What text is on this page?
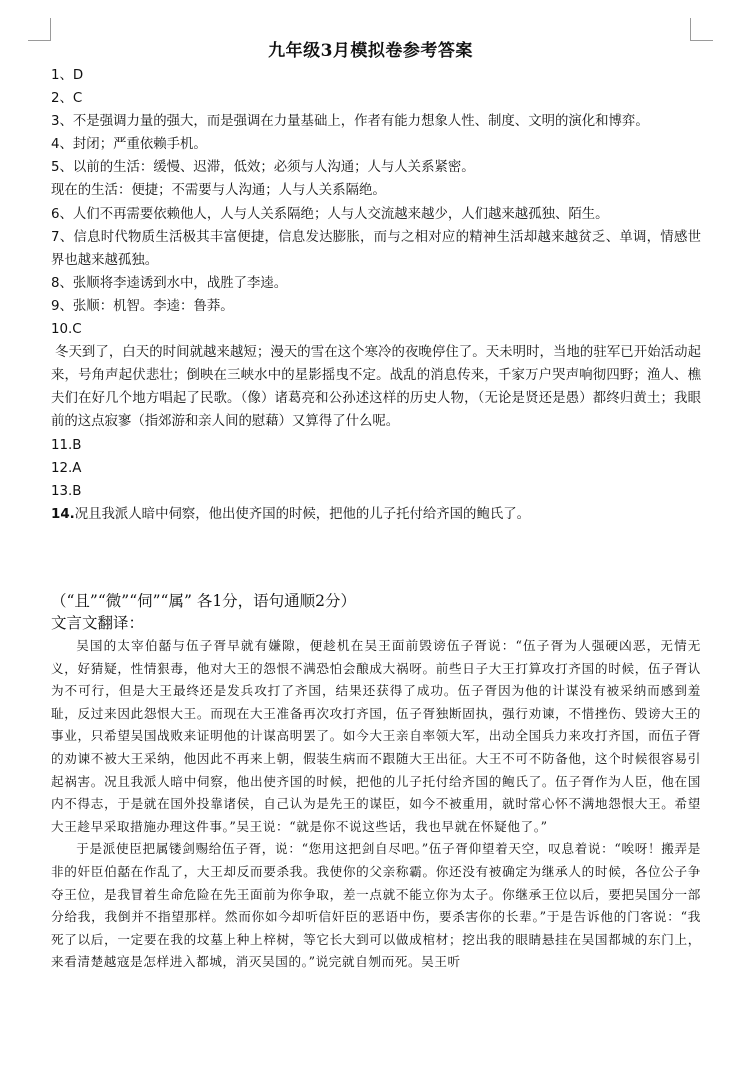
九年级3月模拟卷参考答案
1、D
2、C
3、不是强调力量的强大，而是强调在力量基础上，作者有能力想象人性、制度、文明的演化和博弈。
4、封闭；严重依赖手机。
5、以前的生活：缓慢、迟滞，低效；必须与人沟通；人与人关系紧密。
现在的生活：便捷；不需要与人沟通；人与人关系隔绝。
6、人们不再需要依赖他人，人与人关系隔绝；人与人交流越来越少，人们越来越孤独、陌生。
7、信息时代物质生活极其丰富便捷，信息发达膨胀，而与之相对应的精神生活却越来越贫乏、单调，情感世界也越来越孤独。
8、张顺将李逵诱到水中，战胜了李逵。
9、张顺：机智。李逵：鲁莽。
10.C
冬天到了，白天的时间就越来越短；漫天的雪在这个寒冷的夜晚停住了。天未明时，当地的驻军已开始活动起来，号角声起伏悲壮；倒映在三峡水中的星影摇曳不定。战乱的消息传来，千家万户哭声响彻四野；渔人、樵夫们在好几个地方唱起了民歌。（像）诸葛亮和公孙述这样的历史人物，（无论是贤还是愚）都终归黄土；我眼前的这点寂寥（指郊游和亲人间的慰藉）又算得了什么呢。
11.B
12.A
13.B
14.况且我派人暗中伺察，他出使齐国的时候，把他的儿子托付给齐国的鲍氏了。
（“且”“微”“伺”“属” 各1分，语句通顺2分）
文言文翻译：

吴国的太宰伯嚭与伍子胥早就有嫌隙，便趁机在吴王面前毁谤伍子胥说：“伍子胥为人强硬凶恶，无情无义，好猜疑，性情狠毒，他对大王的怨恨不满恐怕会酿成大祸呀。前些日子大王打算攻打齐国的时候，伍子胥认为不可行，但是大王最终还是发兵攻打了齐国，结果还获得了成功。伍子胥因为他的计谋没有被采纳而感到羞耻，反过来因此怨恨大王。而现在大王准备再次攻打齐国，伍子胥独断固执，强行劝谏，不惜挫伤、毁谤大王的事业，只希望吴国战败来证明他的计谋高明罢了。如今大王亲自率领大军，出动全国兵力来攻打齐国，而伍子胥的劝谏不被大王采纳，他因此不再来上朝，假装生病而不跟随大王出征。大王不可不防备他，这个时候很容易引起祸害。况且我派人暗中伺察，他出使齐国的时候，把他的儿子托付给齐国的鲍氏了。伍子胥作为人臣，他在国内不得志，于是就在国外投靠诸侯，自己认为是先王的谋臣，如今不被重用，就时常心怀不满地怨恨大王。希望大王趁早采取措施办理这件事。”吴王说：“就是你不说这些话，我也早就在怀疑他了。”

于是派使臣把属镂剑赐给伍子胥，说：“您用这把剑自尽吧。”伍子胥仰望着天空，叹息着说：“唉呀！搬弄是非的奸臣伯嚭在作乱了，大王却反而要杀我。我使你的父亲称霸。你还没有被确定为继承人的时候，各位公子争夺王位，是我冒着生命危险在先王面前为你争取，差一点就不能立你为太子。你继承王位以后，要把吴国分一部分给我，我倒并不指望那样。然而你如今却听信奸臣的恶语中伤，要杀害你的长辈。”于是告诉他的门客说：“我死了以后，一定要在我的坟墓上种上梓树，等它长大到可以做成棺材；挖出我的眼睛悬挂在吴国都城的东门上，来看清楚越寇是怎样进入都城，消灭吴国的。”说完就自刎而死。吴王听
